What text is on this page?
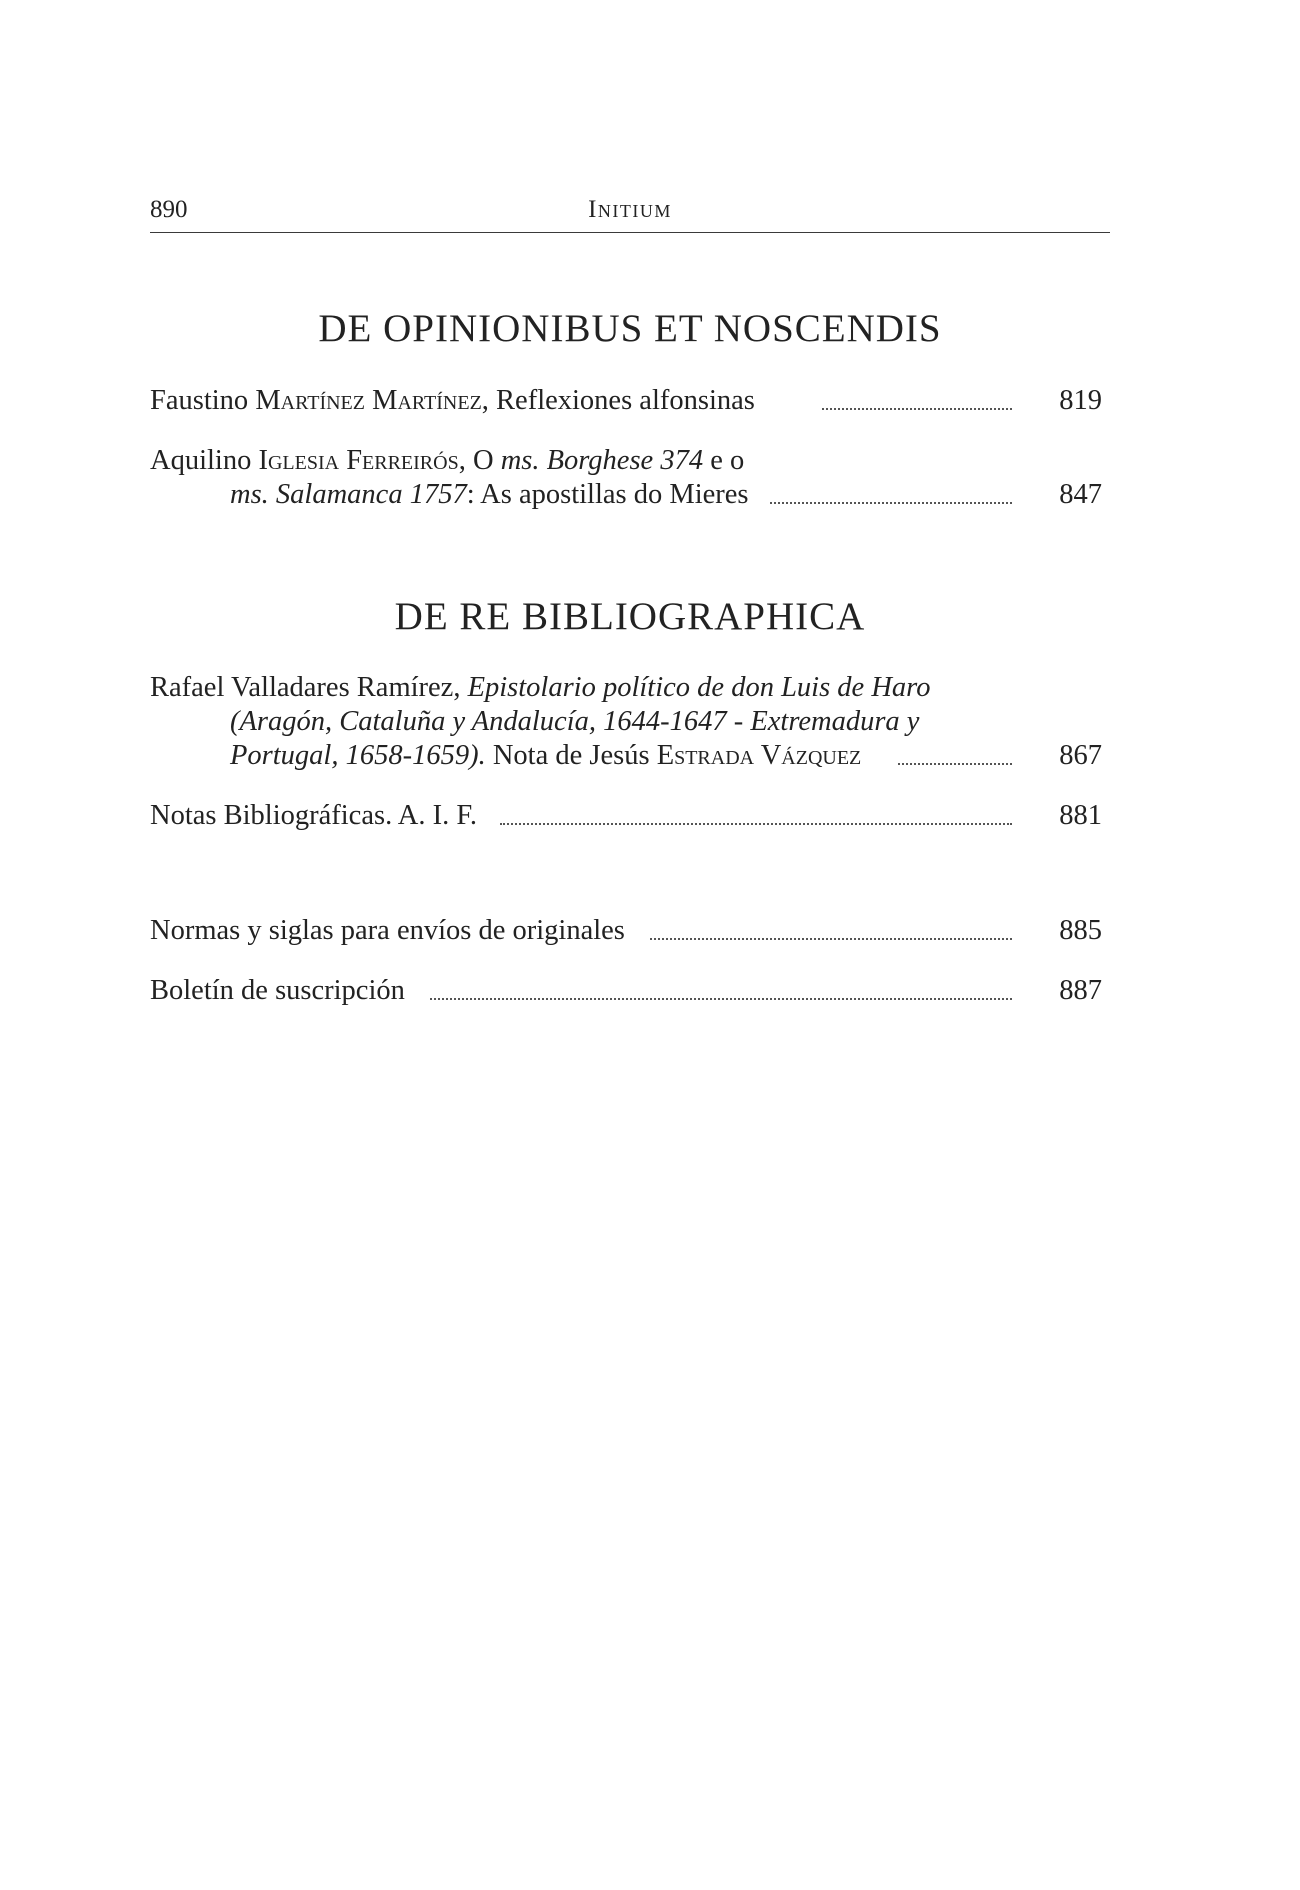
890	Initium
DE OPINIONIBUS ET NOSCENDIS
Faustino Martínez Martínez, Reflexiones alfonsinas	819
Aquilino Iglesia Ferreirós, O ms. Borghese 374 e o
ms. Salamanca 1757: As apostillas do Mieres	847
DE RE BIBLIOGRAPHICA
Rafael Valladares Ramírez, Epistolario político de don Luis de Haro
(Aragón, Cataluña y Andalucía, 1644-1647 - Extremadura y
Portugal, 1658-1659). Nota de Jesús Estrada Vázquez	867
Notas Bibliográficas. A. I. F.	881
Normas y siglas para envíos de originales	885
Boletín de suscripción	887
